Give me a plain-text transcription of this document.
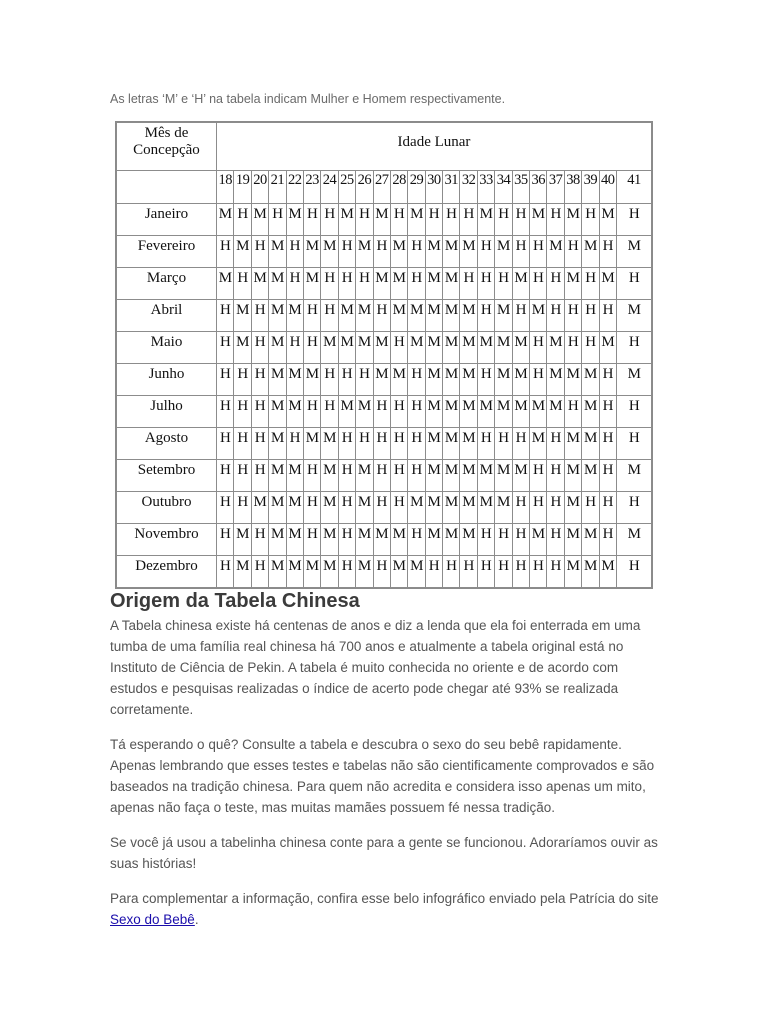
As letras ‘M’ e ‘H’ na tabela indicam Mulher e Homem respectivamente.
Mês de Concepção	Idade Lunar																							
	18	19	20	21	22	23	24	25	26	27	28	29	30	31	32	33	34	35	36	37	38	39	40	41
Janeiro	M	H	M	H	M	H	H	M	H	M	H	M	H	H	H	M	H	H	M	H	M	H	M	H
Fevereiro	H	M	H	M	H	M	M	H	M	H	M	H	M	M	M	H	M	H	H	M	H	M	H	M
Março	M	H	M	M	H	M	H	H	H	M	M	H	M	M	H	H	H	M	H	H	M	H	M	H
Abril	H	M	H	M	M	H	H	M	M	H	M	M	M	M	M	H	M	H	M	H	H	H	H	M
Maio	H	M	H	M	H	H	M	M	M	M	H	M	M	M	M	M	M	M	H	M	H	H	M	H
Junho	H	H	H	M	M	M	H	H	H	M	M	H	M	M	M	H	M	M	H	M	M	M	H	M
Julho	H	H	H	M	M	H	H	M	M	H	H	H	M	M	M	M	M	M	M	M	H	M	H	H
Agosto	H	H	H	M	H	M	M	H	H	H	H	H	M	M	M	H	H	H	M	H	M	M	H	H
Setembro	H	H	H	M	M	H	M	H	M	H	H	H	M	M	M	M	M	M	H	H	M	M	H	M
Outubro	H	H	M	M	M	H	M	H	M	H	H	M	M	M	M	M	M	H	H	H	M	H	H	H
Novembro	H	M	H	M	M	H	M	H	M	M	M	H	M	M	M	H	H	H	M	H	M	M	H	M
Dezembro	H	M	H	M	M	M	M	H	M	H	M	M	H	H	H	H	H	H	H	H	M	M	M	H
Origem da Tabela Chinesa

A Tabela chinesa existe há centenas de anos e diz a lenda que ela foi enterrada em uma tumba de uma família real chinesa há 700 anos e atualmente a tabela original está no Instituto de Ciência de Pekin. A tabela é muito conhecida no oriente e de acordo com estudos e pesquisas realizadas o índice de acerto pode chegar até 93% se realizada corretamente.

Tá esperando o quê? Consulte a tabela e descubra o sexo do seu bebê rapidamente. Apenas lembrando que esses testes e tabelas não são cientificamente comprovados e são baseados na tradição chinesa. Para quem não acredita e considera isso apenas um mito, apenas não faça o teste, mas muitas mamães possuem fé nessa tradição.

Se você já usou a tabelinha chinesa conte para a gente se funcionou. Adoraríamos ouvir as suas histórias!

Para complementar a informação, confira esse belo infográfico enviado pela Patrícia do site Sexo do Bebê.
